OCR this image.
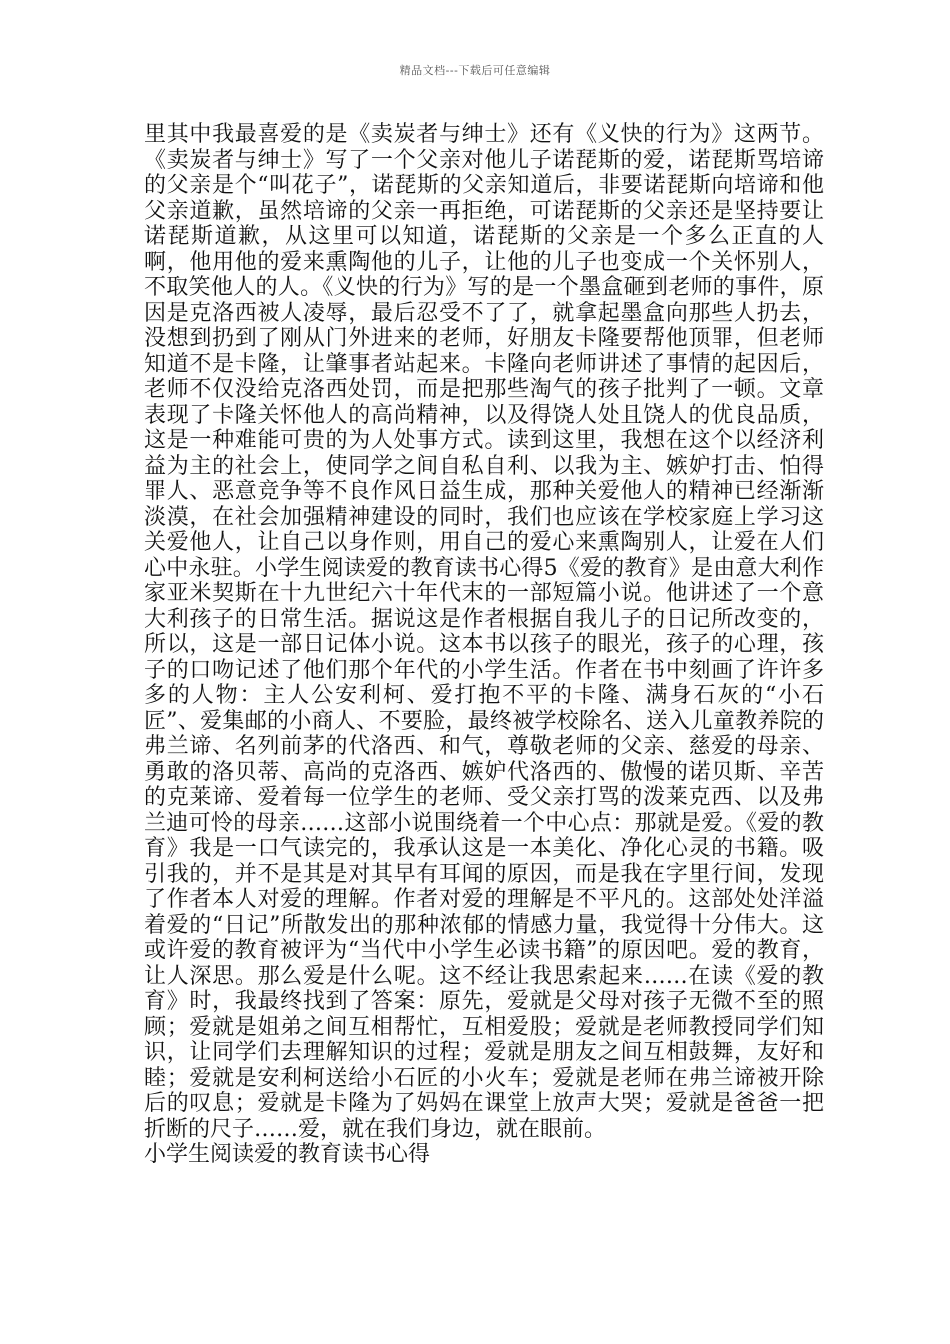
精品文档---下载后可任意编辑

里其中我最喜爱的是《卖炭者与绅士》还有《义快的行为》这两节。《卖炭者与绅士》写了一个父亲对他儿子诺琵斯的爱，诺琵斯骂培谛的父亲是个“叫花子”，诺琵斯的父亲知道后，非要诺琵斯向培谛和他父亲道歉，虽然培谛的父亲一再拒绝，可诺琵斯的父亲还是坚持要让诺琵斯道歉，从这里可以知道，诺琵斯的父亲是一个多么正直的人啊，他用他的爱来熏陶他的儿子，让他的儿子也变成一个关怀别人，不取笑他人的人。《义快的行为》写的是一个墨盒砸到老师的事件，原因是克洛西被人凌辱，最后忍受不了了，就拿起墨盒向那些人扔去，没想到扔到了刚从门外进来的老师，好朋友卡隆要帮他顶罪，但老师知道不是卡隆，让肇事者站起来。卡隆向老师讲述了事情的起因后，老师不仅没给克洛西处罚，而是把那些淘气的孩子批判了一顿。文章表现了卡隆关怀他人的高尚精神，以及得饶人处且饶人的优良品质，这是一种难能可贵的为人处事方式。读到这里，我想在这个以经济利益为主的社会上，使同学之间自私自利、以我为主、嫉妒打击、怕得罪人、恶意竞争等不良作风日益生成，那种关爱他人的精神已经渐渐淡漠，在社会加强精神建设的同时，我们也应该在学校家庭上学习这关爱他人，让自己以身作则，用自己的爱心来熏陶别人，让爱在人们心中永驻。小学生阅读爱的教育读书心得5《爱的教育》是由意大利作家亚米契斯在十九世纪六十年代末的一部短篇小说。他讲述了一个意大利孩子的日常生活。据说这是作者根据自我儿子的日记所改变的，所以，这是一部日记体小说。这本书以孩子的眼光，孩子的心理，孩子的口吻记述了他们那个年代的小学生活。作者在书中刻画了许许多多的人物：主人公安利柯、爱打抱不平的卡隆、满身石灰的“小石匠”、爱集邮的小商人、不要脸，最终被学校除名、送入儿童教养院的弗兰谛、名列前茅的代洛西、和气，尊敬老师的父亲、慈爱的母亲、勇敢的洛贝蒂、高尚的克洛西、嫉妒代洛西的、傲慢的诺贝斯、辛苦的克莱谛、爱着每一位学生的老师、受父亲打骂的泼莱克西、以及弗兰迪可怜的母亲……这部小说围绕着一个中心点：那就是爱。《爱的教育》我是一口气读完的，我承认这是一本美化、净化心灵的书籍。吸引我的，并不是其是对其早有耳闻的原因，而是我在字里行间，发现了作者本人对爱的理解。作者对爱的理解是不平凡的。这部处处洋溢着爱的“日记”所散发出的那种浓郁的情感力量，我觉得十分伟大。这或许爱的教育被评为“当代中小学生必读书籍”的原因吧。爱的教育，让人深思。那么爱是什么呢。这不经让我思索起来……在读《爱的教育》时，我最终找到了答案：原先，爱就是父母对孩子无微不至的照顾；爱就是姐弟之间互相帮忙，互相爱股；爱就是老师教授同学们知识，让同学们去理解知识的过程；爱就是朋友之间互相鼓舞，友好和睦；爱就是安利柯送给小石匠的小火车；爱就是老师在弗兰谛被开除后的叹息；爱就是卡隆为了妈妈在课堂上放声大哭；爱就是爸爸一把折断的尺子……爱，就在我们身边，就在眼前。

小学生阅读爱的教育读书心得
